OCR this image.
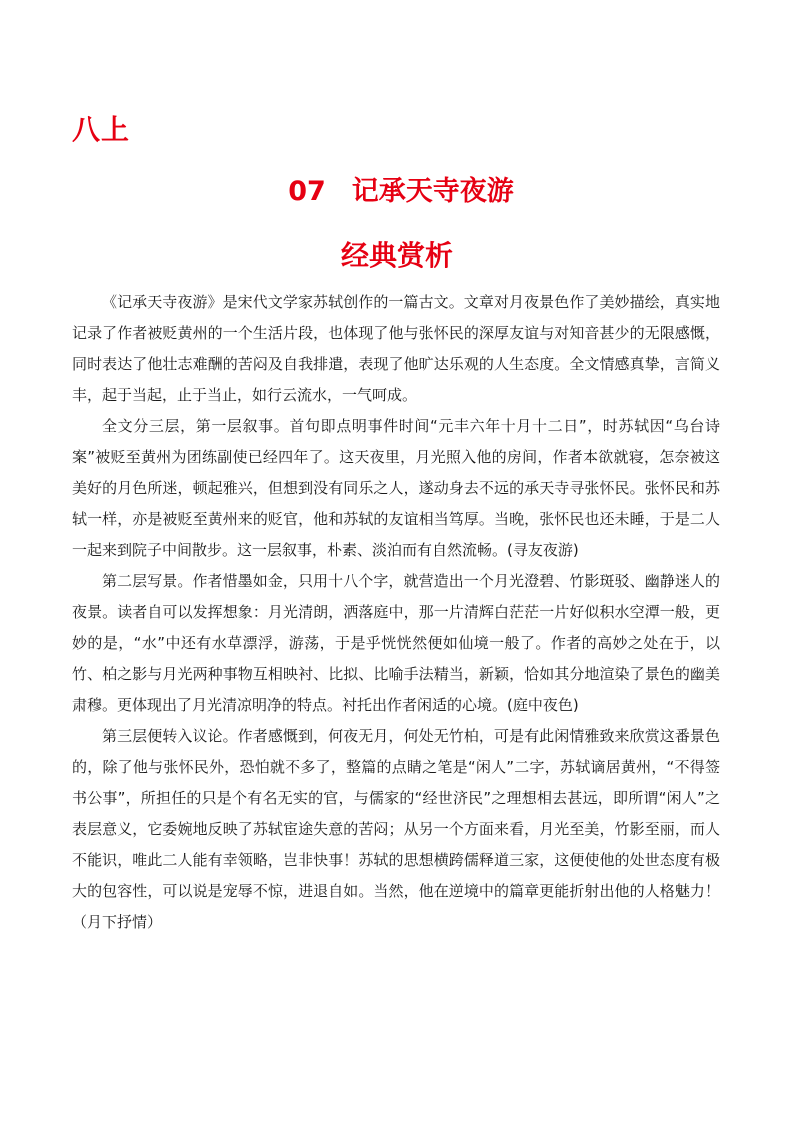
八上
07 记承天寺夜游
经典赏析

《记承天寺夜游》是宋代文学家苏轼创作的一篇古文。文章对月夜景色作了美妙描绘，真实地记录了作者被贬黄州的一个生活片段，也体现了他与张怀民的深厚友谊与对知音甚少的无限感慨，同时表达了他壮志难酬的苦闷及自我排遣，表现了他旷达乐观的人生态度。全文情感真挚，言简义丰，起于当起，止于当止，如行云流水，一气呵成。

全文分三层，第一层叙事。首句即点明事件时间“元丰六年十月十二日”，时苏轼因“乌台诗案”被贬至黄州为团练副使已经四年了。这天夜里，月光照入他的房间，作者本欲就寝，怎奈被这美好的月色所迷，顿起雅兴，但想到没有同乐之人，遂动身去不远的承天寺寻张怀民。张怀民和苏轼一样，亦是被贬至黄州来的贬官，他和苏轼的友谊相当笃厚。当晚，张怀民也还未睡，于是二人一起来到院子中间散步。这一层叙事，朴素、淡泊而有自然流畅。(寻友夜游)

第二层写景。作者惜墨如金，只用十八个字，就营造出一个月光澄碧、竹影斑驳、幽静迷人的夜景。读者自可以发挥想象：月光清朗，洒落庭中，那一片清辉白茫茫一片好似积水空潭一般，更妙的是，“水”中还有水草漂浮，游荡，于是乎恍恍然便如仙境一般了。作者的高妙之处在于，以竹、柏之影与月光两种事物互相映衬、比拟、比喻手法精当，新颖，恰如其分地渲染了景色的幽美肃穆。更体现出了月光清凉明净的特点。衬托出作者闲适的心境。(庭中夜色)

第三层便转入议论。作者感慨到，何夜无月，何处无竹柏，可是有此闲情雅致来欣赏这番景色的，除了他与张怀民外，恐怕就不多了，整篇的点睛之笔是“闲人”二字，苏轼谪居黄州，“不得签书公事”，所担任的只是个有名无实的官，与儒家的“经世济民”之理想相去甚远，即所谓“闲人”之表层意义，它委婉地反映了苏轼宦途失意的苦闷；从另一个方面来看，月光至美，竹影至丽，而人不能识，唯此二人能有幸领略，岂非快事！苏轼的思想横跨儒释道三家，这便使他的处世态度有极大的包容性，可以说是宠辱不惊，进退自如。当然，他在逆境中的篇章更能折射出他的人格魅力！（月下抒情）
